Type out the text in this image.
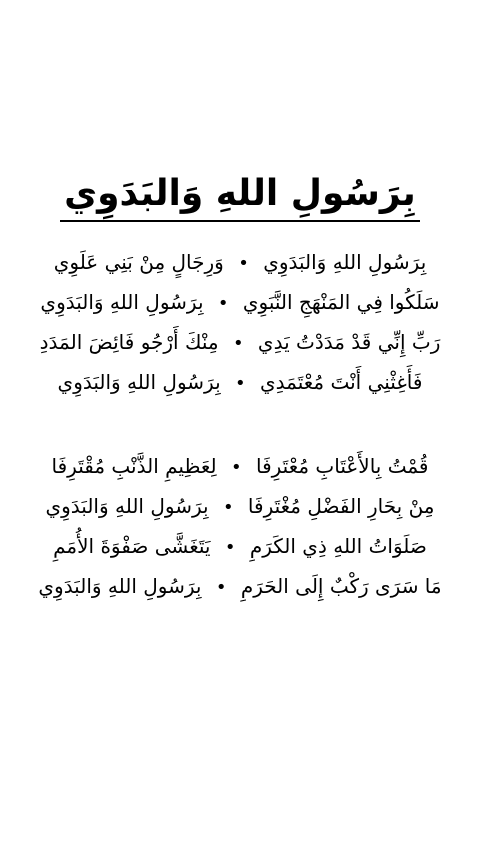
بِرَسُولِ اللهِ وَالبَدَوِي
بِرَسُولِ اللهِ وَالبَدَوِي • وَرِجَالٍ مِنْ بَنِي عَلَوِي
سَلَكُوا فِي المَنْهَجِ النَّبَوِي • بِرَسُولِ اللهِ وَالبَدَوِي
رَبِّ إِنِّي قَدْ مَدَدْتُ يَدِي • مِنْكَ أَرْجُو فَائِضَ المَدَدِ
فَأَغِثْنِي أَنْتَ مُعْتَمَدِي • بِرَسُولِ اللهِ وَالبَدَوِي
قُمْتُ بِالأَعْتَابِ مُعْتَرِفَا • لِعَظِيمِ الذَّنْبِ مُقْتَرِفَا
مِنْ بِحَارِ الفَضْلِ مُغْتَرِفَا • بِرَسُولِ اللهِ وَالبَدَوِي
صَلَوَاتُ اللهِ ذِي الكَرَمِ • يَتَغَشَّى صَفْوَةَ الأُمَمِ
مَا سَرَى رَكْبٌ إِلَى الحَرَمِ • بِرَسُولِ اللهِ وَالبَدَوِي
